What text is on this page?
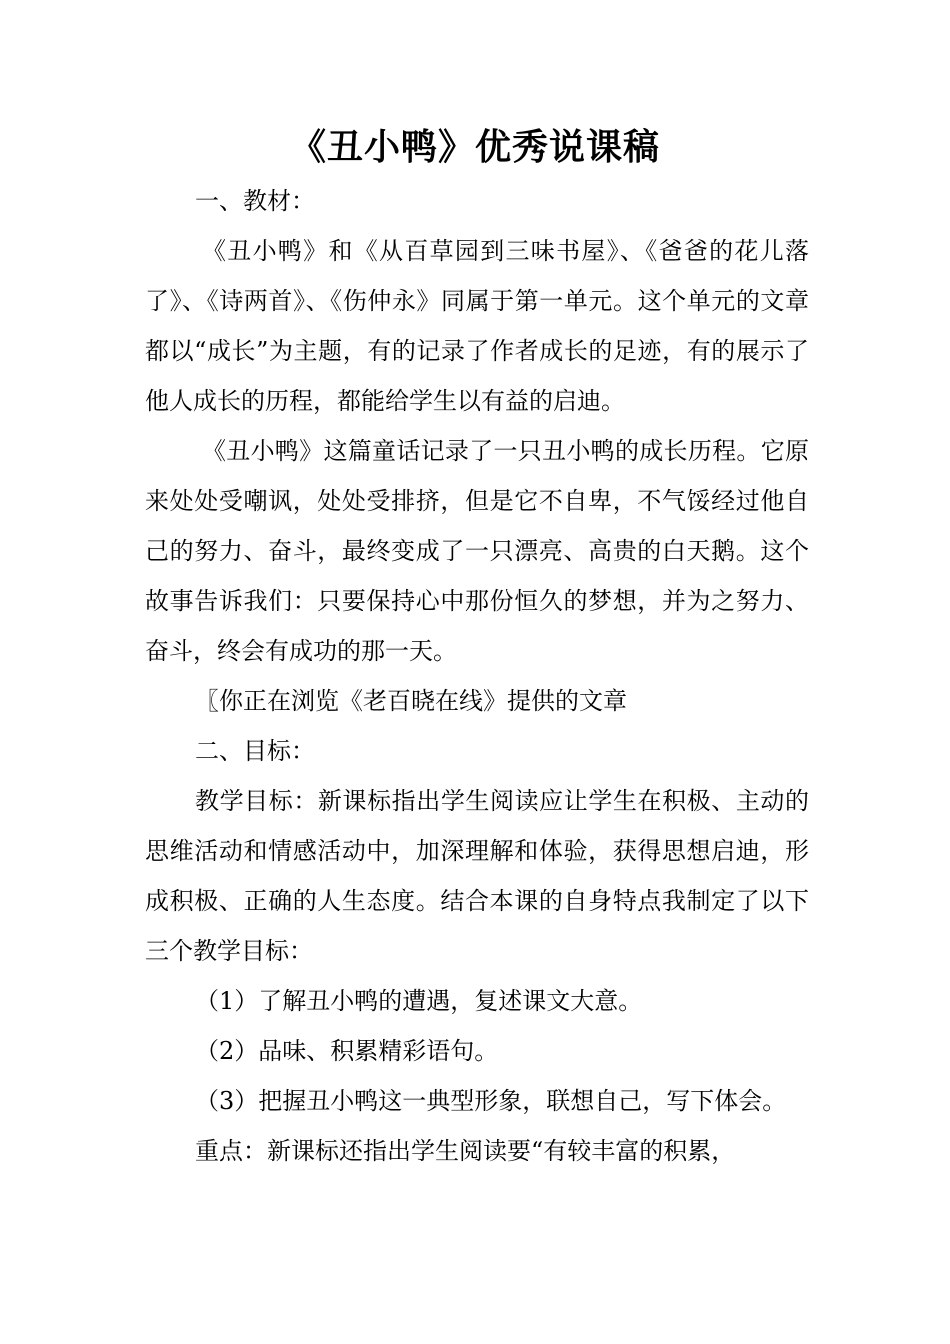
《丑小鸭》优秀说课稿

一、教材：

《丑小鸭》和《从百草园到三味书屋》、《爸爸的花儿落了》、《诗两首》、《伤仲永》同属于第一单元。这个单元的文章都以“成长”为主题，有的记录了作者成长的足迹，有的展示了他人成长的历程，都能给学生以有益的启迪。

《丑小鸭》这篇童话记录了一只丑小鸭的成长历程。它原来处处受嘲讽，处处受排挤，但是它不自卑，不气馁经过他自己的努力、奋斗，最终变成了一只漂亮、高贵的白天鹅。这个故事告诉我们：只要保持心中那份恒久的梦想，并为之努力、奋斗，终会有成功的那一天。

〖你正在浏览《老百晓在线》提供的文章

二、目标：

教学目标：新课标指出学生阅读应让学生在积极、主动的思维活动和情感活动中，加深理解和体验，获得思想启迪，形成积极、正确的人生态度。结合本课的自身特点我制定了以下三个教学目标：

（1）了解丑小鸭的遭遇，复述课文大意。

（2）品味、积累精彩语句。

（3）把握丑小鸭这一典型形象，联想自己，写下体会。

重点：新课标还指出学生阅读要“有较丰富的积累，
